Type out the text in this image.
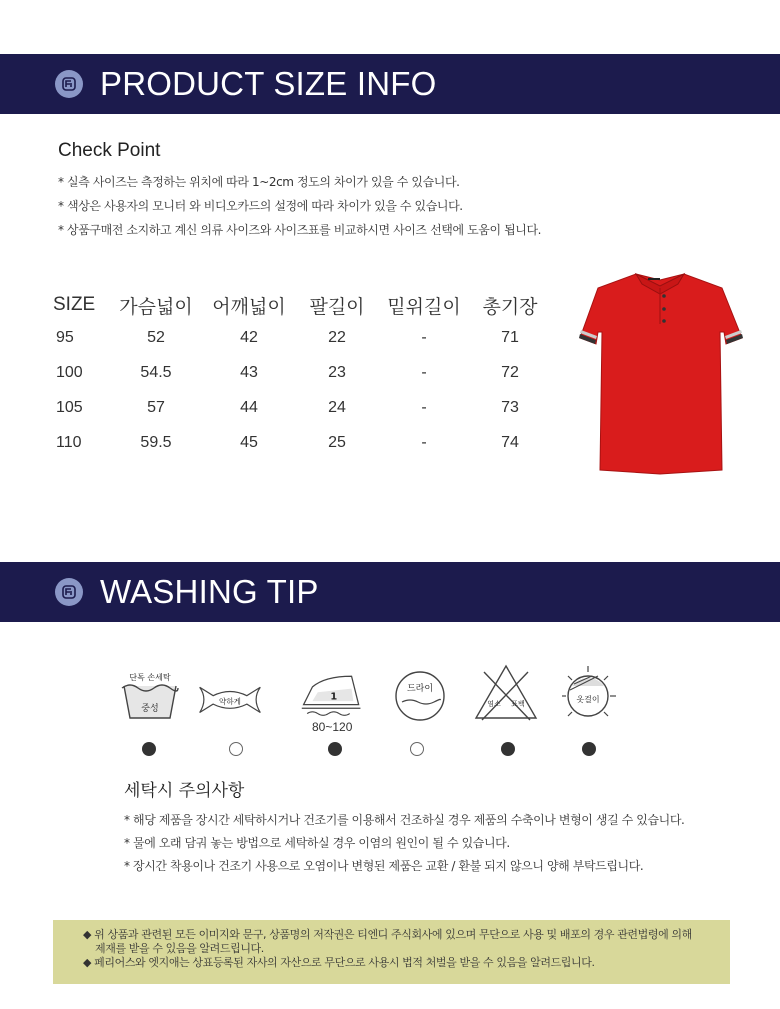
PRODUCT SIZE INFO
Check Point
* 실측 사이즈는 측정하는 위치에 따라 1~2cm 정도의 차이가 있을 수 있습니다.
* 색상은 사용자의 모니터 와 비디오카드의 설정에 따라 차이가 있을 수 있습니다.
* 상품구매전 소지하고 계신 의류 사이즈와 사이즈표를 비교하시면 사이즈 선택에 도움이 됩니다.
SIZE	가슴넓이	어깨넓이	팔길이	밑위길이	총기장
95	52	42	22	-	71
100	54.5	43	23	-	72
105	57	44	24	-	73
110	59.5	45	25	-	74
WASHING TIP
단독 손세탁
중성
약하게	1
80~120
드라이
염소 표백	옷걸이
세탁시 주의사항
* 해당 제품을 장시간 세탁하시거나 건조기를 이용해서 건조하실 경우 제품의 수축이나 변형이 생길 수 있습니다.
* 물에 오래 담궈 놓는 방법으로 세탁하실 경우 이염의 원인이 될 수 있습니다.
* 장시간 착용이나 건조기 사용으로 오염이나 변형된 제품은 교환 / 환불 되지 않으니 양해 부탁드립니다.

◆ 위 상품과 관련된 모든 이미지와 문구, 상품명의 저작권은 티엔디 주식회사에 있으며 무단으로 사용 및 배포의 경우 관련법령에 의해

제재를 받을 수 있음을 알려드립니다.

◆ 페리어스와 엣지애는 상표등록된 자사의 자산으로 무단으로 사용시 법적 처벌을 받을 수 있음을 알려드립니다.
